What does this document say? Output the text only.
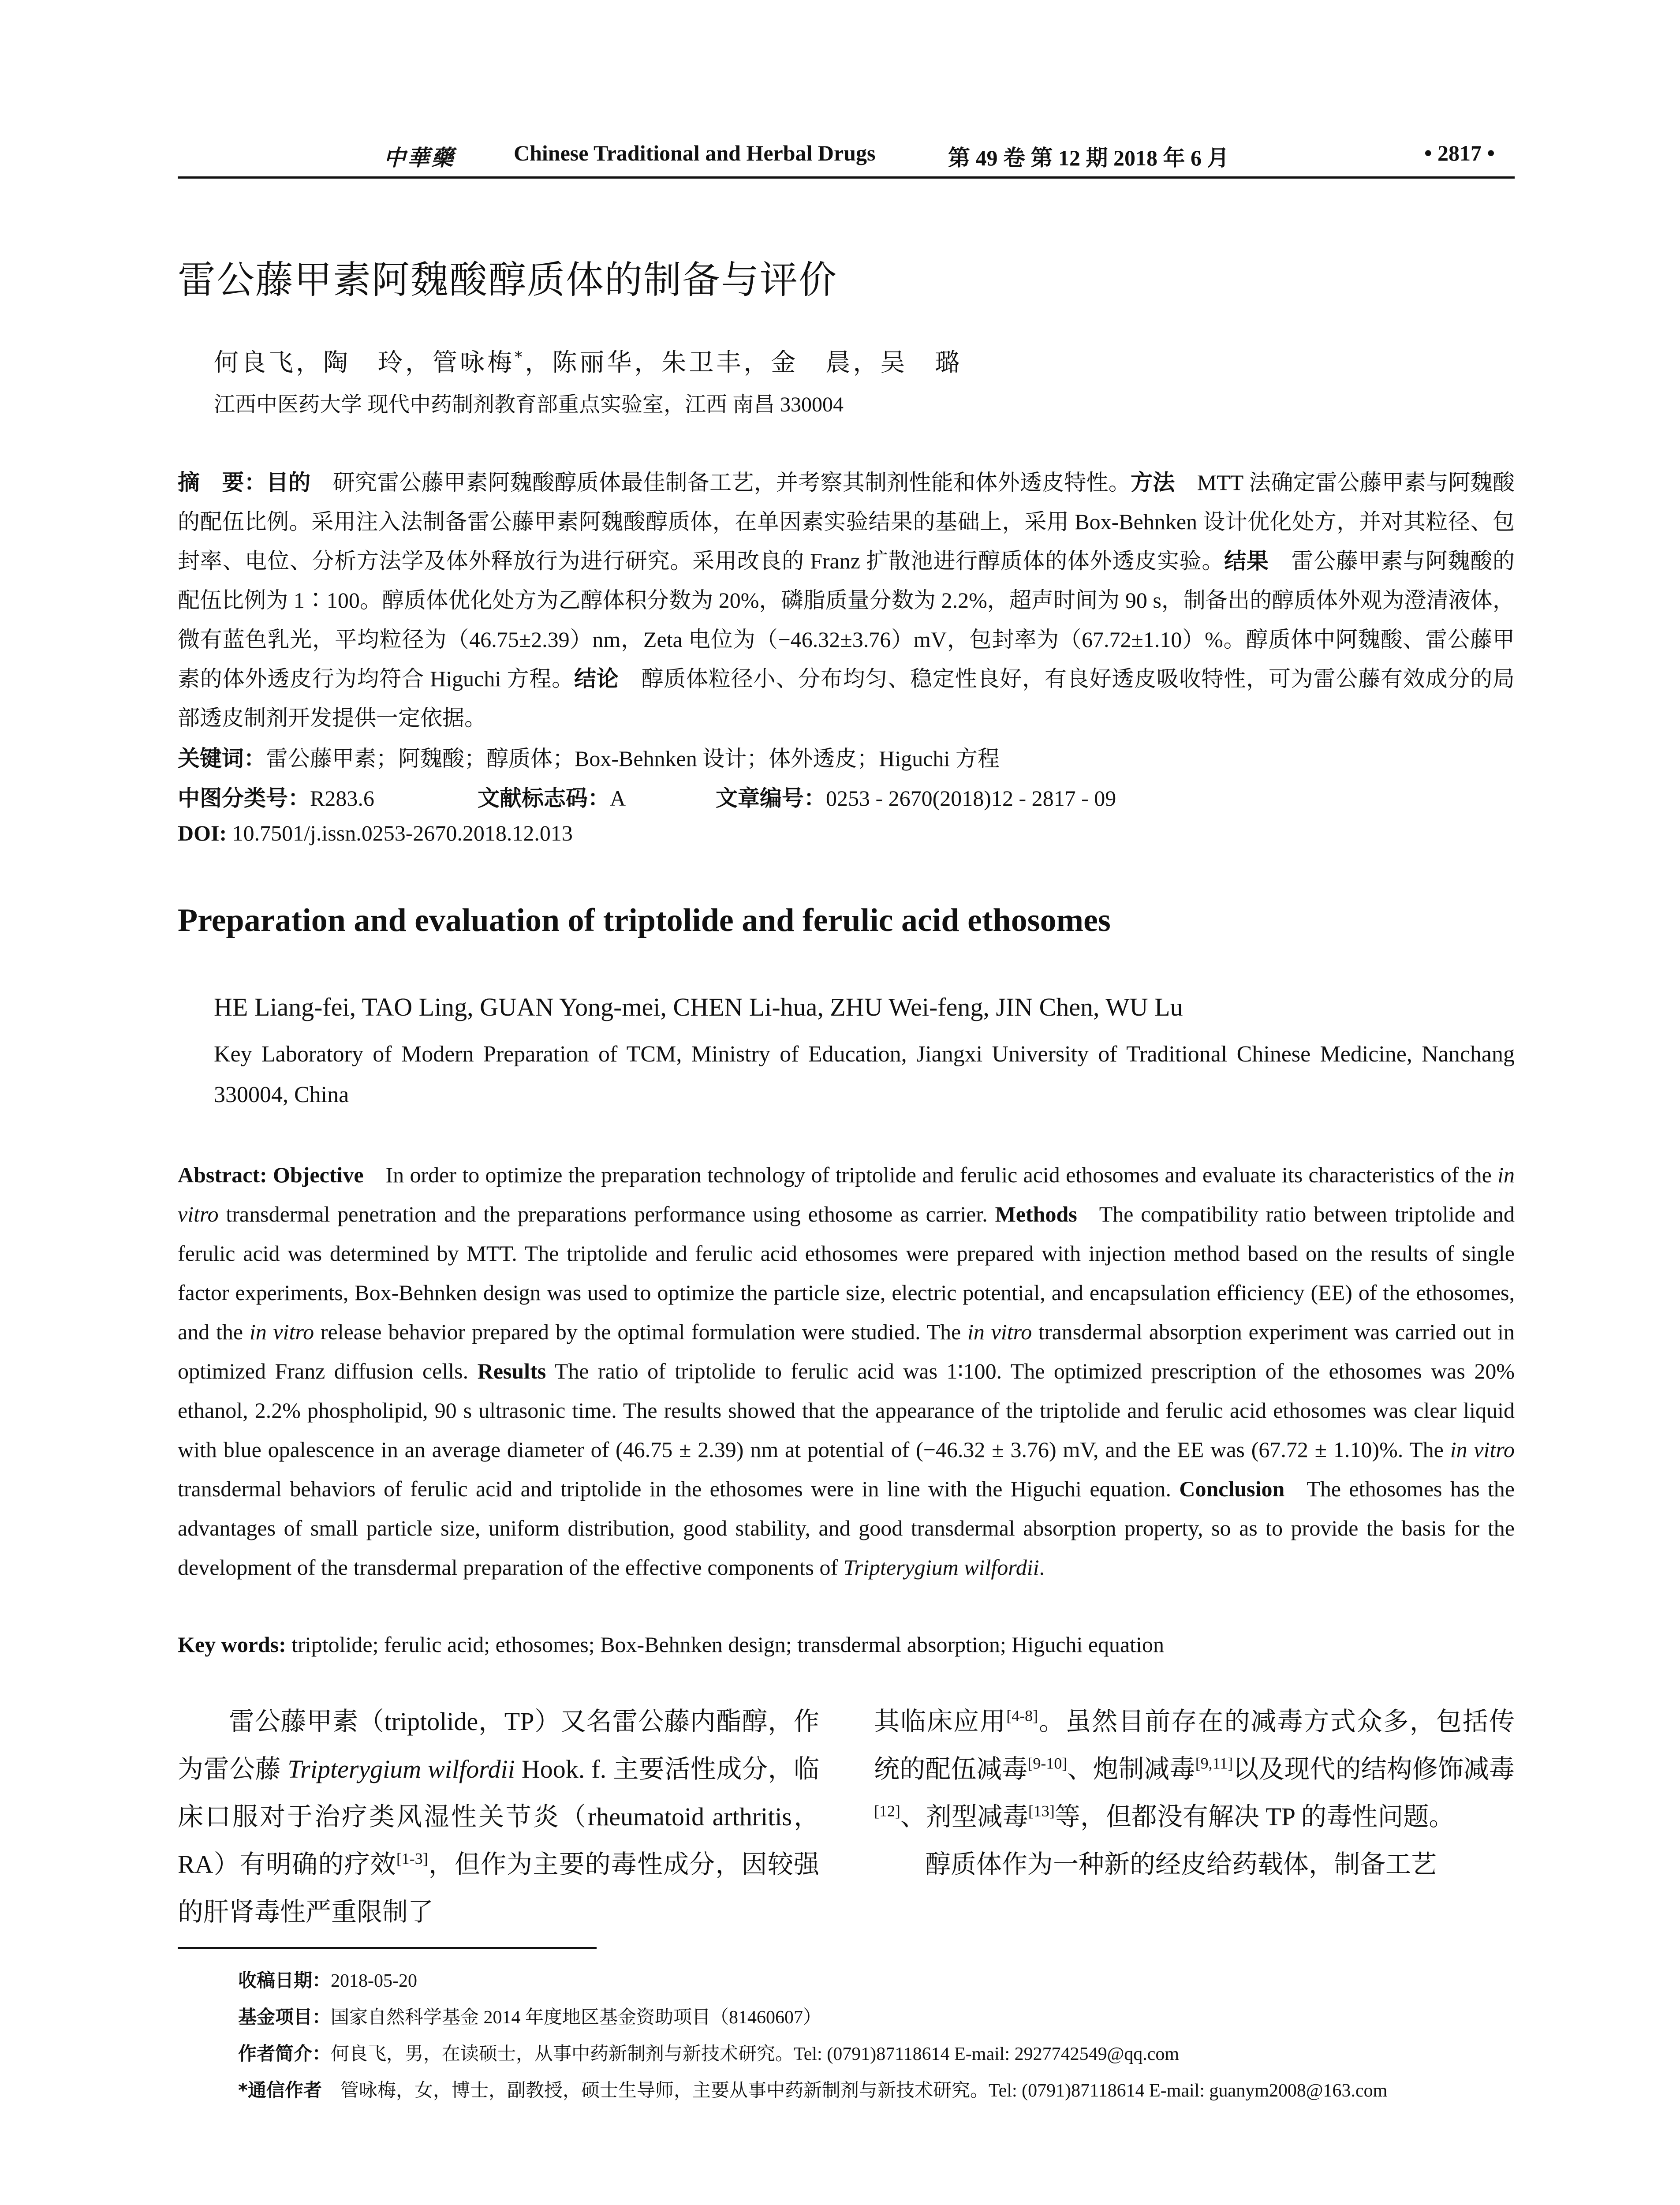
中華藥	Chinese Traditional and Herbal Drugs	第 49 卷 第 12 期 2018 年 6 月	• 2817 •
雷公藤甲素阿魏酸醇质体的制备与评价
何良飞，陶　玲，管咏梅*，陈丽华，朱卫丰，金　晨，吴　璐
江西中医药大学 现代中药制剂教育部重点实验室，江西 南昌 330004
摘　要：目的　研究雷公藤甲素阿魏酸醇质体最佳制备工艺，并考察其制剂性能和体外透皮特性。方法　MTT 法确定雷公藤甲素与阿魏酸的配伍比例。采用注入法制备雷公藤甲素阿魏酸醇质体，在单因素实验结果的基础上，采用 Box-Behnken 设计优化处方，并对其粒径、包封率、电位、分析方法学及体外释放行为进行研究。采用改良的 Franz 扩散池进行醇质体的体外透皮实验。结果　雷公藤甲素与阿魏酸的配伍比例为 1∶100。醇质体优化处方为乙醇体积分数为 20%，磷脂质量分数为 2.2%，超声时间为 90 s，制备出的醇质体外观为澄清液体，微有蓝色乳光，平均粒径为（46.75±2.39）nm，Zeta 电位为（−46.32±3.76）mV，包封率为（67.72±1.10）%。醇质体中阿魏酸、雷公藤甲素的体外透皮行为均符合 Higuchi 方程。结论　醇质体粒径小、分布均匀、稳定性良好，有良好透皮吸收特性，可为雷公藤有效成分的局部透皮制剂开发提供一定依据。
关键词：雷公藤甲素；阿魏酸；醇质体；Box-Behnken 设计；体外透皮；Higuchi 方程
中图分类号：R283.6	文献标志码：A	文章编号：0253 - 2670(2018)12 - 2817 - 09
DOI: 10.7501/j.issn.0253-2670.2018.12.013
Preparation and evaluation of triptolide and ferulic acid ethosomes
HE Liang-fei, TAO Ling, GUAN Yong-mei, CHEN Li-hua, ZHU Wei-feng, JIN Chen, WU Lu
Key Laboratory of Modern Preparation of TCM, Ministry of Education, Jiangxi University of Traditional Chinese Medicine, Nanchang 330004, China
Abstract: Objective  In order to optimize the preparation technology of triptolide and ferulic acid ethosomes and evaluate its characteristics of the in vitro transdermal penetration and the preparations performance using ethosome as carrier. Methods  The compatibility ratio between triptolide and ferulic acid was determined by MTT. The triptolide and ferulic acid ethosomes were prepared with injection method based on the results of single factor experiments, Box-Behnken design was used to optimize the particle size, electric potential, and encapsulation efficiency (EE) of the ethosomes, and the in vitro release behavior prepared by the optimal formulation were studied. The in vitro transdermal absorption experiment was carried out in optimized Franz diffusion cells. Results The ratio of triptolide to ferulic acid was 1∶100. The optimized prescription of the ethosomes was 20% ethanol, 2.2% phospholipid, 90 s ultrasonic time. The results showed that the appearance of the triptolide and ferulic acid ethosomes was clear liquid with blue opalescence in an average diameter of (46.75 ± 2.39) nm at potential of (−46.32 ± 3.76) mV, and the EE was (67.72 ± 1.10)%. The in vitro transdermal behaviors of ferulic acid and triptolide in the ethosomes were in line with the Higuchi equation. Conclusion  The ethosomes has the advantages of small particle size, uniform distribution, good stability, and good transdermal absorption property, so as to provide the basis for the development of the transdermal preparation of the effective components of Tripterygium wilfordii.
Key words: triptolide; ferulic acid; ethosomes; Box-Behnken design; transdermal absorption; Higuchi equation
雷公藤甲素（triptolide，TP）又名雷公藤内酯醇，作为雷公藤 Tripterygium wilfordii Hook. f. 主要活性成分，临床口服对于治疗类风湿性关节炎（rheumatoid arthritis，RA）有明确的疗效[1-3]，但作为主要的毒性成分，因较强的肝肾毒性严重限制了
其临床应用[4-8]。虽然目前存在的减毒方式众多，包括传统的配伍减毒[9-10]、炮制减毒[9,11]以及现代的结构修饰减毒[12]、剂型减毒[13]等，但都没有解决 TP 的毒性问题。
醇质体作为一种新的经皮给药载体，制备工艺
收稿日期：2018-05-20
基金项目：国家自然科学基金 2014 年度地区基金资助项目（81460607）
作者简介：何良飞，男，在读硕士，从事中药新制剂与新技术研究。Tel: (0791)87118614 E-mail: 2927742549@qq.com
*通信作者　管咏梅，女，博士，副教授，硕士生导师，主要从事中药新制剂与新技术研究。Tel: (0791)87118614 E-mail: guanym2008@163.com
